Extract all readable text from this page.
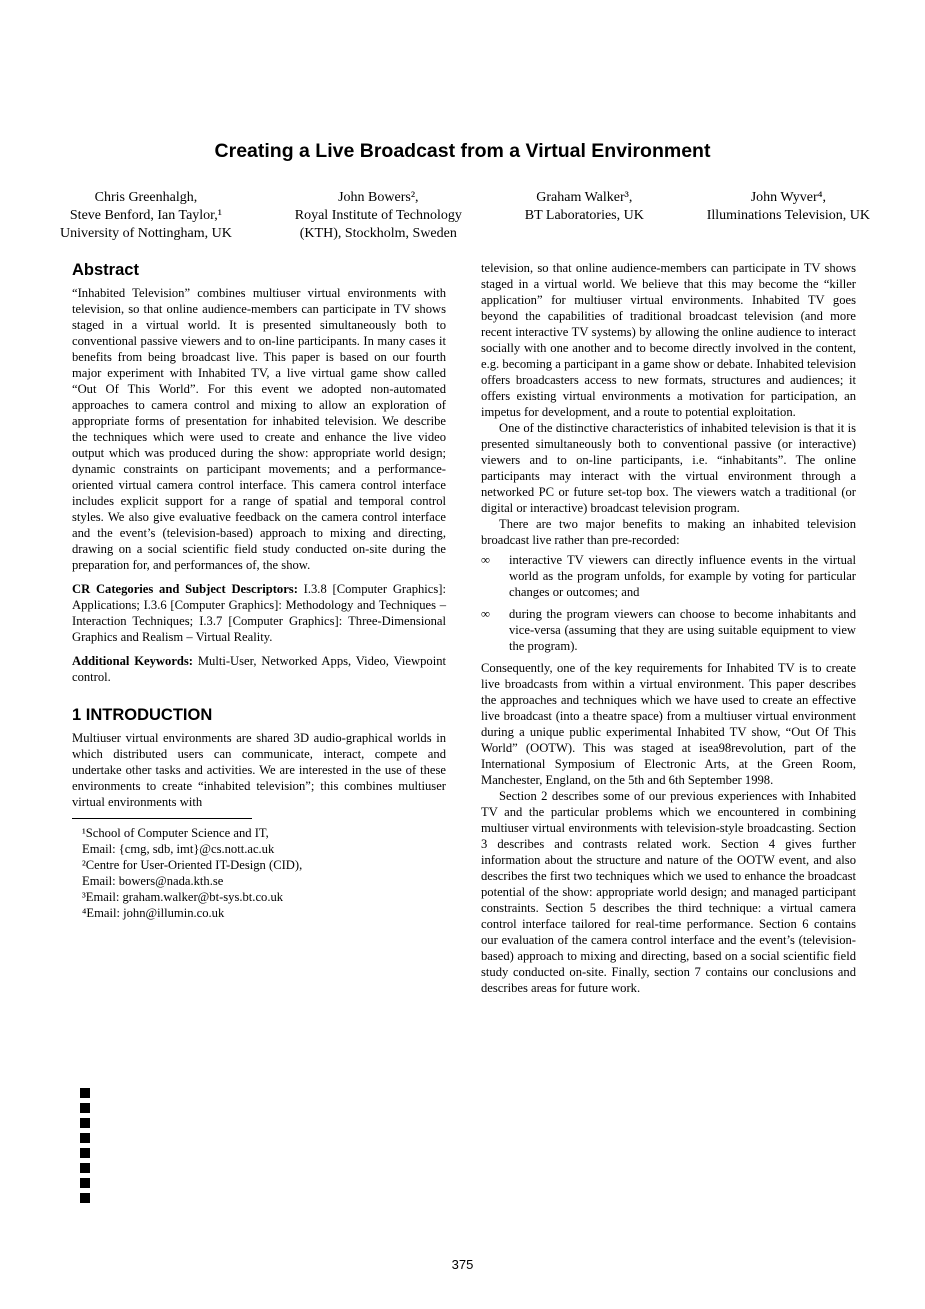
Creating a Live Broadcast from a Virtual Environment
Chris Greenhalgh,
Steve Benford, Ian Taylor,¹
University of Nottingham, UK
John Bowers²,
Royal Institute of Technology
(KTH), Stockholm, Sweden
Graham Walker³,
BT Laboratories, UK
John Wyver⁴,
Illuminations Television, UK
Abstract

“Inhabited Television” combines multiuser virtual environments with television, so that online audience-members can participate in TV shows staged in a virtual world. It is presented simultaneously both to conventional passive viewers and to on-line participants. In many cases it benefits from being broadcast live. This paper is based on our fourth major experiment with Inhabited TV, a live virtual game show called “Out Of This World”. For this event we adopted non-automated approaches to camera control and mixing to allow an exploration of appropriate forms of presentation for inhabited television. We describe the techniques which were used to create and enhance the live video output which was produced during the show: appropriate world design; dynamic constraints on participant movements; and a performance-oriented virtual camera control interface. This camera control interface includes explicit support for a range of spatial and temporal control styles. We also give evaluative feedback on the camera control interface and the event’s (television-based) approach to mixing and directing, drawing on a social scientific field study conducted on-site during the preparation for, and performances of, the show.

CR Categories and Subject Descriptors: I.3.8 [Computer Graphics]: Applications; I.3.6 [Computer Graphics]: Methodology and Techniques – Interaction Techniques; I.3.7 [Computer Graphics]: Three-Dimensional Graphics and Realism – Virtual Reality.

Additional Keywords: Multi-User, Networked Apps, Video, Viewpoint control.

1 INTRODUCTION

Multiuser virtual environments are shared 3D audio-graphical worlds in which distributed users can communicate, interact, compete and undertake other tasks and activities. We are interested in the use of these environments to create “inhabited television”; this combines multiuser virtual environments with

¹School of Computer Science and IT,
Email: {cmg, sdb, imt}@cs.nott.ac.uk
²Centre for User-Oriented IT-Design (CID),
Email: bowers@nada.kth.se
³Email: graham.walker@bt-sys.bt.co.uk
⁴Email: john@illumin.co.uk

television, so that online audience-members can participate in TV shows staged in a virtual world. We believe that this may become the “killer application” for multiuser virtual environments. Inhabited TV goes beyond the capabilities of traditional broadcast television (and more recent interactive TV systems) by allowing the online audience to interact socially with one another and to become directly involved in the content, e.g. becoming a participant in a game show or debate. Inhabited television offers broadcasters access to new formats, structures and audiences; it offers existing virtual environments a motivation for participation, an impetus for development, and a route to potential exploitation.

One of the distinctive characteristics of inhabited television is that it is presented simultaneously both to conventional passive (or interactive) viewers and to on-line participants, i.e. “inhabitants”. The online participants may interact with the virtual environment through a networked PC or future set-top box. The viewers watch a traditional (or digital or interactive) broadcast television program.

There are two major benefits to making an inhabited television broadcast live rather than pre-recorded:

∞	interactive TV viewers can directly influence events in the virtual world as the program unfolds, for example by voting for particular changes or outcomes; and
∞	during the program viewers can choose to become inhabitants and vice-versa (assuming that they are using suitable equipment to view the program).

Consequently, one of the key requirements for Inhabited TV is to create live broadcasts from within a virtual environment. This paper describes the approaches and techniques which we have used to create an effective live broadcast (into a theatre space) from a multiuser virtual environment during a unique public experimental Inhabited TV show, “Out Of This World” (OOTW). This was staged at isea98revolution, part of the International Symposium of Electronic Arts, at the Green Room, Manchester, England, on the 5th and 6th September 1998.

Section 2 describes some of our previous experiences with Inhabited TV and the particular problems which we encountered in combining multiuser virtual environments with television-style broadcasting. Section 3 describes and contrasts related work. Section 4 gives further information about the structure and nature of the OOTW event, and also describes the first two techniques which we used to enhance the broadcast potential of the show: appropriate world design; and managed participant constraints. Section 5 describes the third technique: a virtual camera control interface tailored for real-time performance. Section 6 contains our evaluation of the camera control interface and the event’s (television-based) approach to mixing and directing, based on a social scientific field study conducted on-site. Finally, section 7 contains our conclusions and describes areas for future work.

375
